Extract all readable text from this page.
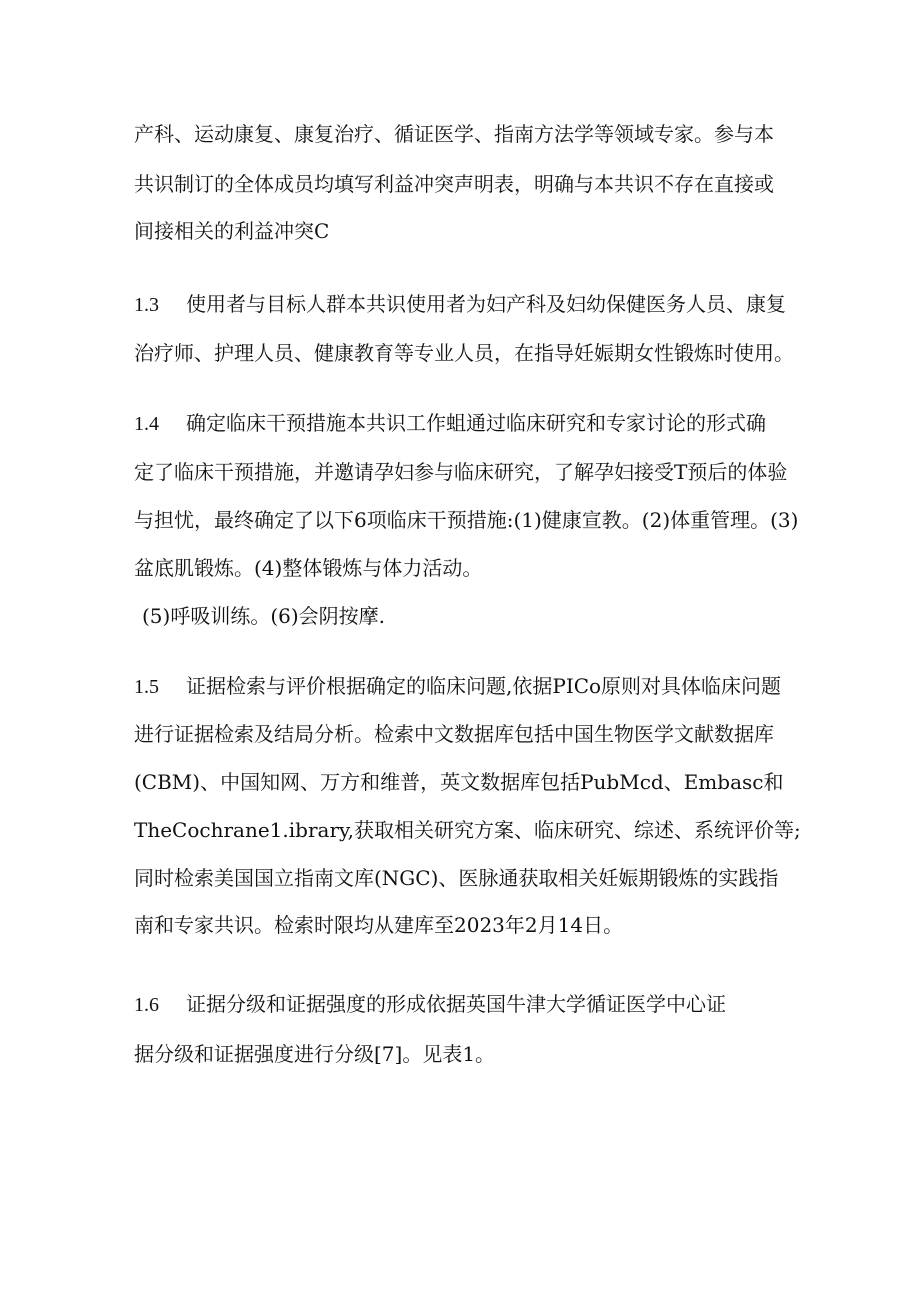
产科、运动康复、康复治疗、循证医学、指南方法学等领域专家。参与本

共识制订的全体成员均填写利益冲突声明表，明确与本共识不存在直接或

间接相关的利益冲突C

1.3 使用者与目标人群本共识使用者为妇产科及妇幼保健医务人员、康复

治疗师、护理人员、健康教育等专业人员，在指导妊娠期女性锻炼时使用。

1.4 确定临床干预措施本共识工作蛆通过临床研究和专家讨论的形式确

定了临床干预措施，并邀请孕妇参与临床研究，了解孕妇接受T预后的体验

与担忧，最终确定了以下6项临床干预措施:(1)健康宣教。(2)体重管理。(3)

盆底肌锻炼。(4)整体锻炼与体力活动。

(5)呼吸训练。(6)会阴按摩.

1.5 证据检索与评价根据确定的临床问题,依据PICo原则对具体临床问题

进行证据检索及结局分析。检索中文数据库包括中国生物医学文献数据库

(CBM)、中国知网、万方和维普，英文数据库包括PubMcd、Embasc和

TheCochrane1.ibrary,获取相关研究方案、临床研究、综述、系统评价等;

同时检索美国国立指南文库(NGC)、医脉通获取相关妊娠期锻炼的实践指

南和专家共识。检索时限均从建库至2023年2月14日。

1.6 证据分级和证据强度的形成依据英国牛津大学循证医学中心证

据分级和证据强度进行分级[7]。见表1。
